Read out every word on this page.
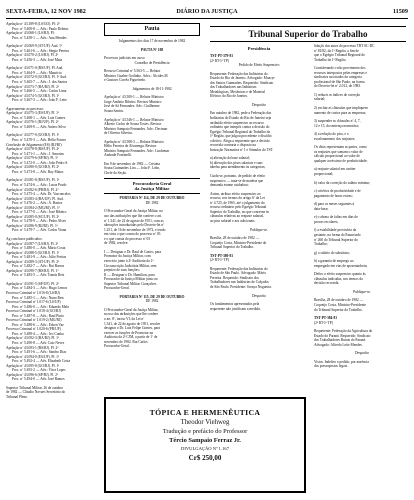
SEXTA-FEIRA, 12 NOV 1982	DIÁRIO DA JUSTIÇA	11509
Apelação nº 43.189-8 (LS/GO). Pl: 2ª
Proc. nº 5.400-8 — Adv.: Paulo Debeus
Apelação nº 43.068-1 (LS/RJ). Pl:
Proc. nº 5.458-1 — Adv.: Ana Mendes
Apelação nº 43.069-9 (AT-UF). Aud. 1ª
Proc. nº 5.461-6 — Adv.: Sérgio Pereira
Apelação nº 43.070-2 (LS/RJ). Pl. 2ª
Proc. nº 5.456-3 — Adv. José Maia
Apelação nº 43.071-0 (RS/UF). Pl. Aud.
Proc. nº 5.464-9 — Adv.: Maurício
Apelação nº 43.072-9 (GO/RJ). Pl. 1ª Aud.
Proc. nº 5.465-7 — Adv.: J. dos Santos
Apelação nº 43.073-7 (BA/RJ). Pl. 2ª
Proc. nº 5.466-5 — Adv.: Carlos Lima
Apelação nº 43.074-5 (GO/RJ). Pl. 1ª
Proc. nº 5.467-3 — Adv.: João F. Leite
Agravamento ao processo:
Apelação nº 43.075-3 (ES/UF). Pl. 1ª
Proc. nº 5.468-1 — Adv. Luiz Gomes
Apelação nº 43.076-1 (RJ/UF). Pl. 2ª
Proc. nº 5.469-0 — Adv. Antero Silva
Apelação nº 43.077-0 (GO/RJ). Pl. 1ª
Proc. nº 5.470-3 — Adv. Hélio Fontes
Conclusão de Julgamento (ES) (RJ/RJ)
Apelação nº 43.078-8 (RS/UF). Pl. 2ª
Proc. nº 5.471-1 — Adv.: J. Amorim
Apelação nº 43.079-6 (SP/RJ). Pl. 1ª
Proc. nº 5.472-0 — Adv.: João Pedro S.
Apelação nº 43.080-0 (GO/RJ). Pl. 2ª
Proc. nº 5.473-8 — Adv. Ruy Matos
Apelação nº 43.081-8 (RS/UF). Pl. 1ª
Proc. nº 5.474-6 — Adv.: Lucas Prado
Apelação nº 43.082-6 (PR/RJ). Pl. 2ª
Proc. nº 5.475-4 — Adv. Dr. Vasconcelos
Apelação nº 43.083-4 (BA/UF). Pl. Aud.
Proc. nº 5.476-2 — Adv.: A. Bastos
Apelação nº 43.084-2 (MG/RJ). Pl. 1ª
Proc. nº 5.477-0 — Adv.: José Ribeiro
Apelação nº 43.085-0 (SC/UF). Pl. 2ª
Proc. nº 5.478-9 — Adv.: Pedro Alves
Apelação nº 43.086-9 (RJ/RJ). Pl. 1ª
Proc. nº 5.479-7 — Adv. Carlos Viana
Ag conclusos publicados:
Apelação nº 43.087-7 (LS/RJ). Pl. 2ª
Proc. nº 5.480-0 — Adv. Mário Costa
Apelação nº 43.088-5 (GO/RJ). Pl. 1ª
Proc. nº 5.481-9 — Adv.: Júlio Freitas
Apelação nº 43.089-3 (AT-UF). Pl. 2ª
Proc. nº 5.482-7 — Adv.: Rui Barros
Apelação nº 43.090-7 (RS/RJ). Pl. 1ª
Proc. nº 5.483-5 — Adv. Tomás Reis
Apelação nº 43.091-5 (SP/UF). Pl. 2ª
Proc. nº 5.484-3 — Adv.: Hugo Lemos
Processo Criminal nº 1.016-8 (LS/RJ)
Proc. nº 5.485-1 — Adv.: Nuno Reis
Processo Criminal nº 1.017-6 (LS/UF)
Proc. nº 5.486-0 — Adv.: Eduardo Melo
Processo Criminal nº 1.018-4 (GO/RJ)
Proc. nº 5.487-8 — Adv.: Raul Pinto
Processo Criminal nº 1.019-2 (MG/RJ)
Proc. nº 5.488-6 — Adv.: Edson Vaz
Processo Criminal nº 1.020-6 (PR/UF)
Proc. nº 5.489-4 — Adv.: Ivo Cunha
Apelação nº 43.092-3 (BA/RJ). Pl. 1ª
Proc. nº 5.490-8 — Adv. Caio Neves
Apelação nº 43.093-1 (RS/RJ). Pl. 2ª
Proc. nº 5.491-6 — Adv.: Sandro Dias
Apelação nº 43.094-0 (ES/UF). Pl. 1ª
Proc. nº 5.492-4 — Adv. Elizabeth Costa
Apelação nº 43.095-8 (GO/RJ). Pl. 1ª
Proc. nº 5.493-2 — Adv.: Vitor Lopes
Apelação nº 43.096-6 (SP/RJ). Pl. 2ª
Proc. nº 5.494-0 — Adv. José Ramos
Superior Tribunal Militar, 26 de outubro
de 1982 — Cláudio Novaes Secretário do
Tribunal Pleno.
Pauta
Julgamentos dos dias 17 de novembro de 1982
PAUTA Nº 108
Processos judiciais em curso
Conselho de Presidência
Recurso Criminal nº 5.563-5 — Relator
Ministro Gualter Godinho. Advs.: Alcides M.
e Gustavo Corrêa Figueiredo.
Julgamentos de 18-11-1982
Apelação nº 43.500-1 — Relator Ministro
Jorge Antônio Ribeiro. Revisor Ministro
José de Sá Fernandes. Adv.: Guilherme
Souza Santos.
Apelação nº 43.546-1 — Relator Ministro
Alberto Carlos de Souza Tostes. Revisor
Ministro Sampaio Fernandes. Adv.: Decimar
de Oliveira Silveira.
Apelação nº 43.588-3 — Relator Ministro
Hélio Ferreira de Alvarenga. Revisor
Ministro Sampaio Fernandes. Adv.: Lindomar
Andrade Fontinelli.
Em 9 de novembro de 1982 — Cristina
Sousa Guimarães Lira — João F. Lobo,
Chefe da Seção.
Procuradoria Geral
da Justiça Militar
PORTARIA Nº 114, DE 29 DE OUTUBRO
DE 1982
O Procurador-Geral da Justiça Militar, no
uso das atribuições que lhe confere o art.
nº 1.341, de 22 de agosto de 1951, com as
alterações introduzidas pelo Decreto-lei nº
1.251, de 16 de novembro de 1972, e tendo
em vista o que consta do processo nº 03
e o que consta do processo nº 03
de 1982, resolve:
I — Designar o Dr. Raul de Castro, para
Promotor da Justiça Militar, com
exercício junto à 2ª Auditoria da 1ª
Circunscrição Judiciária Militar, sem
prejuízo de suas funções;
II — Designar o Dr. Hamilton, para
Procurador da Justiça Militar junto ao
Superior Tribunal Militar. Gonçalves
Procurador-Geral.
PORTARIA Nº 115, DE 29 DE OUTUBRO
DE 1982
O Procurador-Geral da Justiça Militar,
no uso das atribuições que lhe confere
o art. 8º, inciso VI, da Lei nº
1.341, de 22 de agosto de 1951, resolve
designar o Dr. Luiz Felipe Gomes, para
exercer as funções de Promotor na
Auditoria da 2ª CJM, a partir de 1º de
novembro de 1982. Rui Carlos
Procurador-Geral.
Tribunal Superior do Trabalho
Presidência
TST-PT-379-81
(2ª RT-1ª TP)
Pedido de Efeito Suspensivo
Requerente: Federação das Indústrias do
Estado do Rio de Janeiro. Advogado: Moacyr
dos Santos Guimarães. Requerido: Sindicato
dos Trabalhadores nas Indústrias
Metalúrgicas, Mecânicas e de Material
Elétrico do Rio de Janeiro.
Despacho
Em outubro de 1982, pede a Federação das
Indústrias do Estado do Rio de Janeiro seja
atribuído efeito suspensivo ao recurso
ordinário que interpôs contra a decisão do
Egrégio Tribunal Regional do Trabalho da
1ª Região, que julgou procedente o dissídio
coletivo. Alega a requerente que a decisão
recorrida contraria o disposto na
Instrução Normativa nº 1 e Súmulas do TST.
a) alteração da base salarial;
b) alteração dos pisos salariais e suas
tabelas para atendimento às categorias;
Cuida-se, portanto, de pedido de efeito
suspensivo — trata-se de matéria que
demanda exame cuidadoso.
Assim, atribuo efeito suspensivo ao
recurso, nos termos do artigo 6º da Lei
nº 4.725, de 1965, até o julgamento do
recurso ordinário pelo Egrégio Tribunal
Superior do Trabalho, no que concerne às
cláusulas relativas ao reajuste salarial,
ao piso salarial e aos adicionais.
Publique-se.
Brasília, 28 de outubro de 1982 —
Coqueijo Costa, Ministro-Presidente do
Tribunal Superior do Trabalho.
TST-PT-380-81
(2ª RT-1ª TP)
Requerente: Federação das Indústrias do
Estado de São Paulo. Advogado: Mário
Ferreira. Requerido: Sindicato dos
Trabalhadores nas Indústrias de Calçados
de São Paulo. Presidente: Soraya Nogueira.
Despacho
Os fundamentos apresentados pela
requerente não justificam a medida.
lidaçõs dos autos do processo TRT SC-DC
nº 81/82, da 1ª Região, a fim de
que o Egrégio Tribunal Regional do
Trabalho da 1ª Região.
Considerando o não provimento dos
recursos interpostos pelas empresas e
sindicatos suscitados da categoria
profissional de São Paulo, na forma
do Decreto-lei nº 2.012, de 1983.
1) reduzir os índices de correção
salarial;
2) excluir as cláusulas que impliquem
aumento de custos para as empresas;
3) suspender as cláusulas nº 4, 7,
12 e 15, da sentença normativa;
4) a redução do piso, e o
escalonamento dos reajustes;
Os ditos representam as partes, como
os reajustes que somam o valor de
cálculo proporcional ao valor de
qualquer acréscimo de produtividade;
a) reajuste salarial em caráter
proporcional;
b) valor da correção do salário mínimo;
c) critérios de produtividade e de
pagamento de horas extras;
d) para os meses seguintes à
data-base;
e) o abono de faltas em dias de
provas escolares;
f) a estabilidade provisória da
gestante, na forma do Enunciado
nº 260 do Tribunal Superior do
Trabalho;
g) o salário do substituto;
h) a garantia de emprego ao
empregado em vias de aposentadoria;
Defiro o efeito suspensivo quanto às
cláusulas indicadas, nos termos da
decisão recorrida.
Publique-se.
Brasília, 28 de outubro de 1982 —
Coqueijo Costa, Ministro-Presidente
do Tribunal Superior do Trabalho.
TST-PT-384-81
(2ª RT-1ª TP)
Requerente: Federação da Agricultura do
Estado do Paraná. Requerido: Sindicato
dos Trabalhadores Rurais do Paraná.
Advogado: Alfredo Leite Mendes.
Despacho
Vistos. Indefiro o pedido, por ausência
dos pressupostos legais.
TÓPICA E HERMENÊUTICA
Theodor Viehweg
Tradução e prefácio do Professor
Tércio Sampaio Ferraz Jr.
DIVULGAÇÃO Nº 1.167
Cr$ 250,00
